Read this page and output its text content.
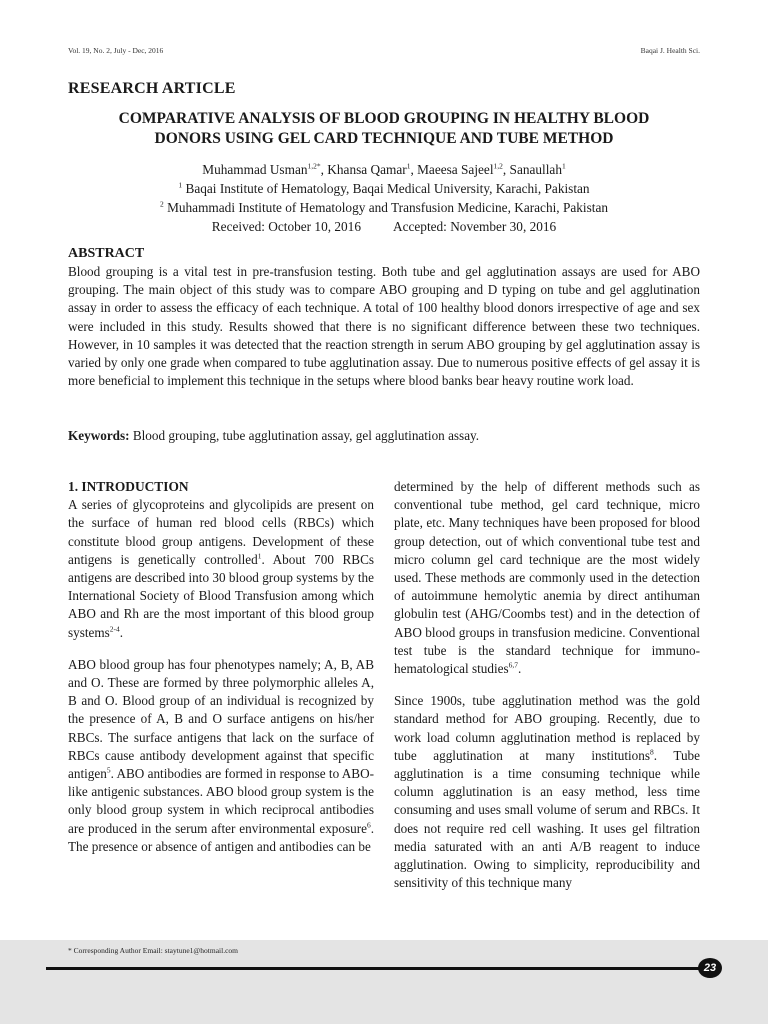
Vol. 19, No. 2, July - Dec, 2016	Baqai J. Health Sci.
RESEARCH ARTICLE
COMPARATIVE ANALYSIS OF BLOOD GROUPING IN HEALTHY BLOOD
DONORS USING GEL CARD TECHNIQUE AND TUBE METHOD
Muhammad Usman$^{1,2*}$, Khansa Qamar$^1$, Maeesa Sajeel$^{1,2}$, Sanaullah$^1$
$^1$ Baqai Institute of Hematology, Baqai Medical University, Karachi, Pakistan
$^2$ Muhammadi Institute of Hematology and Transfusion Medicine, Karachi, Pakistan
Received: October 10, 2016 Accepted: November 30, 2016
ABSTRACT
Blood grouping is a vital test in pre-transfusion testing. Both tube and gel agglutination assays are used for ABO grouping. The main object of this study was to compare ABO grouping and D typing on tube and gel agglutination assay in order to assess the efficacy of each technique. A total of 100 healthy blood donors irrespective of age and sex were included in this study. Results showed that there is no significant difference between these two techniques. However, in 10 samples it was detected that the reaction strength in serum ABO grouping by gel agglutination assay is varied by only one grade when compared to tube agglutination assay. Due to numerous positive effects of gel assay it is more beneficial to implement this technique in the setups where blood banks bear heavy routine work load.
Keywords: Blood grouping, tube agglutination assay, gel agglutination assay.
1. INTRODUCTION

A series of glycoproteins and glycolipids are present on the surface of human red blood cells (RBCs) which constitute blood group antigens. Development of these antigens is genetically controlled$^1$. About 700 RBCs antigens are described into 30 blood group systems by the International Society of Blood Transfusion among which ABO and Rh are the most important of this blood group systems$^{2-4}$.

ABO blood group has four phenotypes namely; A, B, AB and O. These are formed by three polymorphic alleles A, B and O. Blood group of an individual is recognized by the presence of A, B and O surface antigens on his/her RBCs. The surface antigens that lack on the surface of RBCs cause antibody development against that specific antigen$^5$. ABO antibodies are formed in response to ABO-like antigenic substances. ABO blood group system is the only blood group system in which reciprocal antibodies are produced in the serum after environmental exposure$^6$. The presence or absence of antigen and antibodies can be

determined by the help of different methods such as conventional tube method, gel card technique, micro plate, etc. Many techniques have been proposed for blood group detection, out of which conventional tube test and micro column gel card technique are the most widely used. These methods are commonly used in the detection of autoimmune hemolytic anemia by direct antihuman globulin test (AHG/Coombs test) and in the detection of ABO blood groups in transfusion medicine. Conventional test tube is the standard technique for immuno-hematological studies$^{6,7}$.

Since 1900s, tube agglutination method was the gold standard method for ABO grouping. Recently, due to work load column agglutination method is replaced by tube agglutination at many institutions$^8$. Tube agglutination is a time consuming technique while column agglutination is an easy method, less time consuming and uses small volume of serum and RBCs. It does not require red cell washing. It uses gel filtration media saturated with an anti A/B reagent to induce agglutination. Owing to simplicity, reproducibility and sensitivity of this technique many

* Corresponding Author Email: staytune1@hotmail.com
23
